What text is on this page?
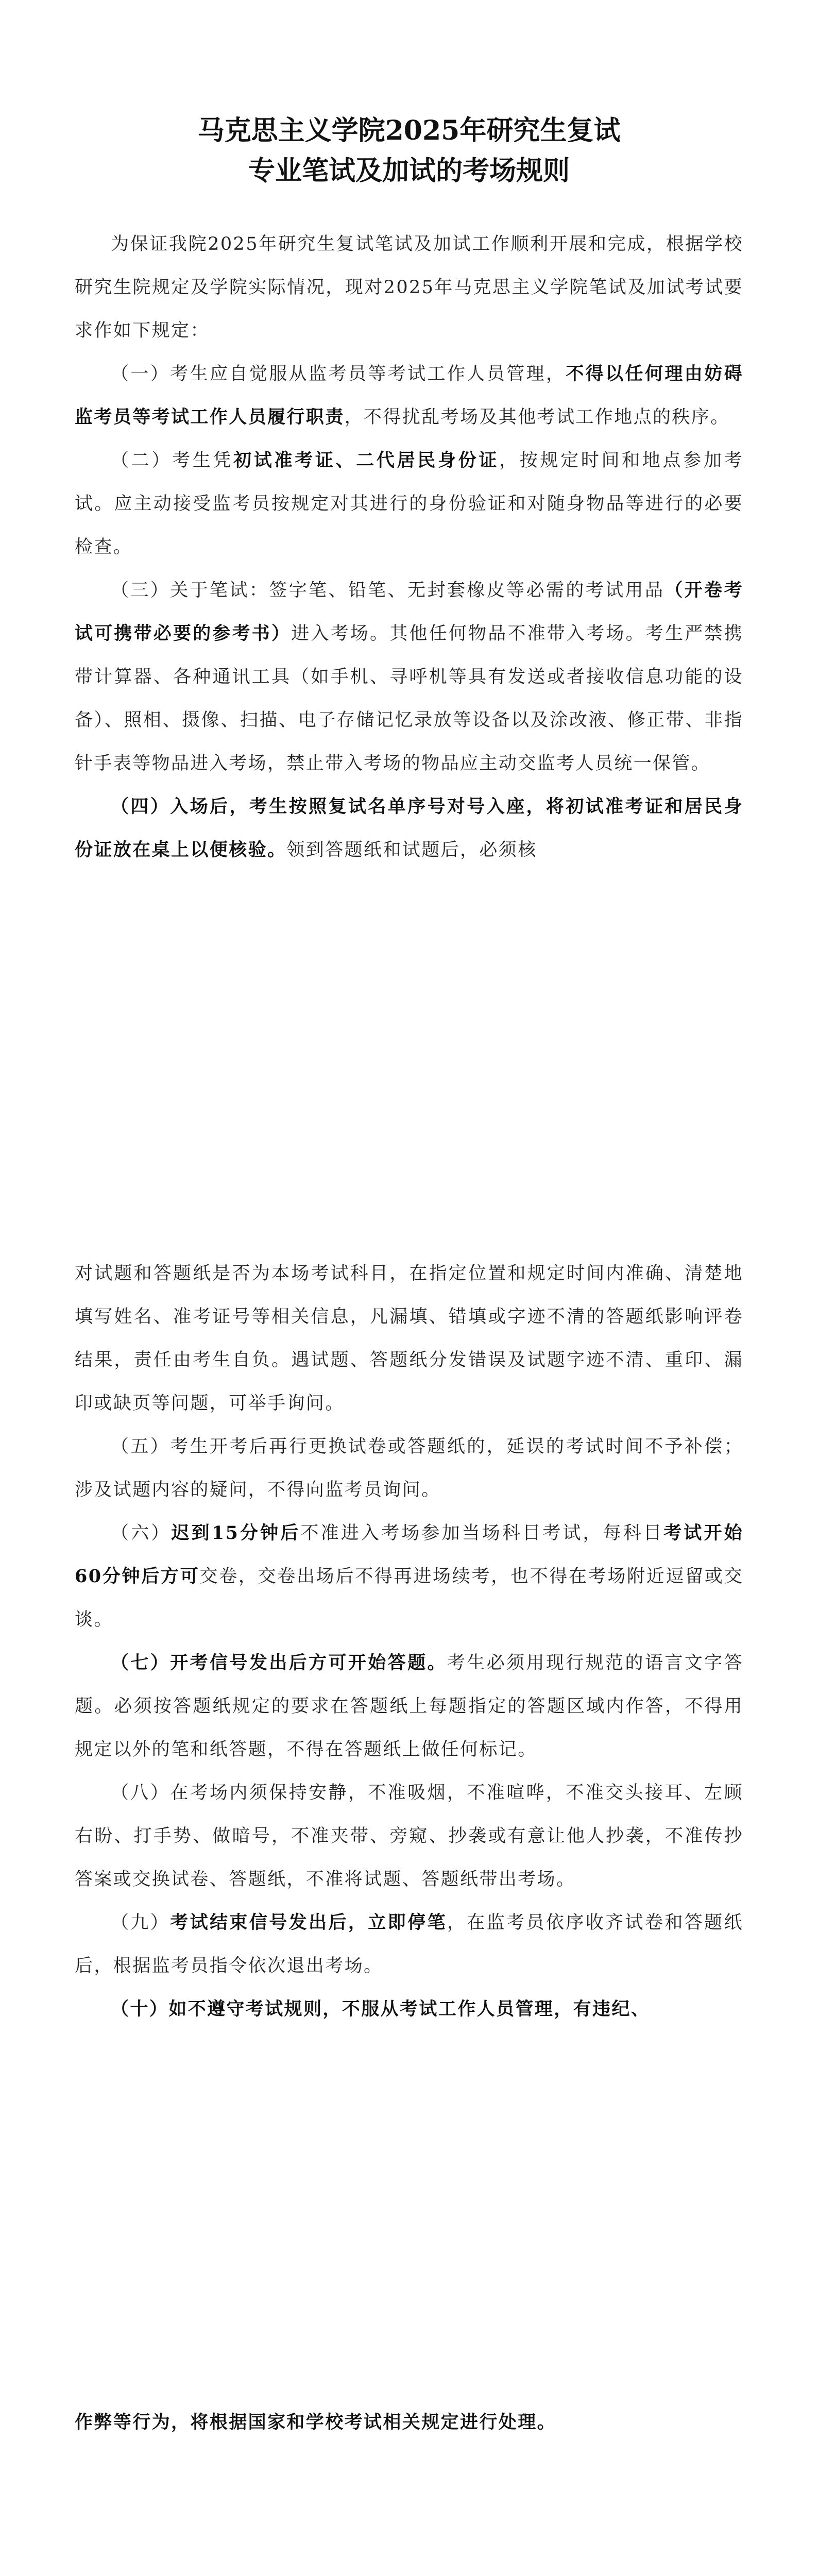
马克思主义学院2025年研究生复试
专业笔试及加试的考场规则

为保证我院2025年研究生复试笔试及加试工作顺利开展和完成，根据学校研究生院规定及学院实际情况，现对2025年马克思主义学院笔试及加试考试要求作如下规定：

（一）考生应自觉服从监考员等考试工作人员管理，不得以任何理由妨碍监考员等考试工作人员履行职责，不得扰乱考场及其他考试工作地点的秩序。

（二）考生凭初试准考证、二代居民身份证，按规定时间和地点参加考试。应主动接受监考员按规定对其进行的身份验证和对随身物品等进行的必要检查。

（三）关于笔试：签字笔、铅笔、无封套橡皮等必需的考试用品（开卷考试可携带必要的参考书）进入考场。其他任何物品不准带入考场。考生严禁携带计算器、各种通讯工具（如手机、寻呼机等具有发送或者接收信息功能的设备）、照相、摄像、扫描、电子存储记忆录放等设备以及涂改液、修正带、非指针手表等物品进入考场，禁止带入考场的物品应主动交监考人员统一保管。

（四）入场后，考生按照复试名单序号对号入座，将初试准考证和居民身份证放在桌上以便核验。领到答题纸和试题后，必须核

对试题和答题纸是否为本场考试科目，在指定位置和规定时间内准确、清楚地填写姓名、准考证号等相关信息，凡漏填、错填或字迹不清的答题纸影响评卷结果，责任由考生自负。遇试题、答题纸分发错误及试题字迹不清、重印、漏印或缺页等问题，可举手询问。

（五）考生开考后再行更换试卷或答题纸的，延误的考试时间不予补偿；涉及试题内容的疑问，不得向监考员询问。

（六）迟到15分钟后不准进入考场参加当场科目考试，每科目考试开始60分钟后方可交卷，交卷出场后不得再进场续考，也不得在考场附近逗留或交谈。

（七）开考信号发出后方可开始答题。考生必须用现行规范的语言文字答题。必须按答题纸规定的要求在答题纸上每题指定的答题区域内作答，不得用规定以外的笔和纸答题，不得在答题纸上做任何标记。

（八）在考场内须保持安静，不准吸烟，不准喧哗，不准交头接耳、左顾右盼、打手势、做暗号，不准夹带、旁窥、抄袭或有意让他人抄袭，不准传抄答案或交换试卷、答题纸，不准将试题、答题纸带出考场。

（九）考试结束信号发出后，立即停笔，在监考员依序收齐试卷和答题纸后，根据监考员指令依次退出考场。

（十）如不遵守考试规则，不服从考试工作人员管理，有违纪、

作弊等行为，将根据国家和学校考试相关规定进行处理。
